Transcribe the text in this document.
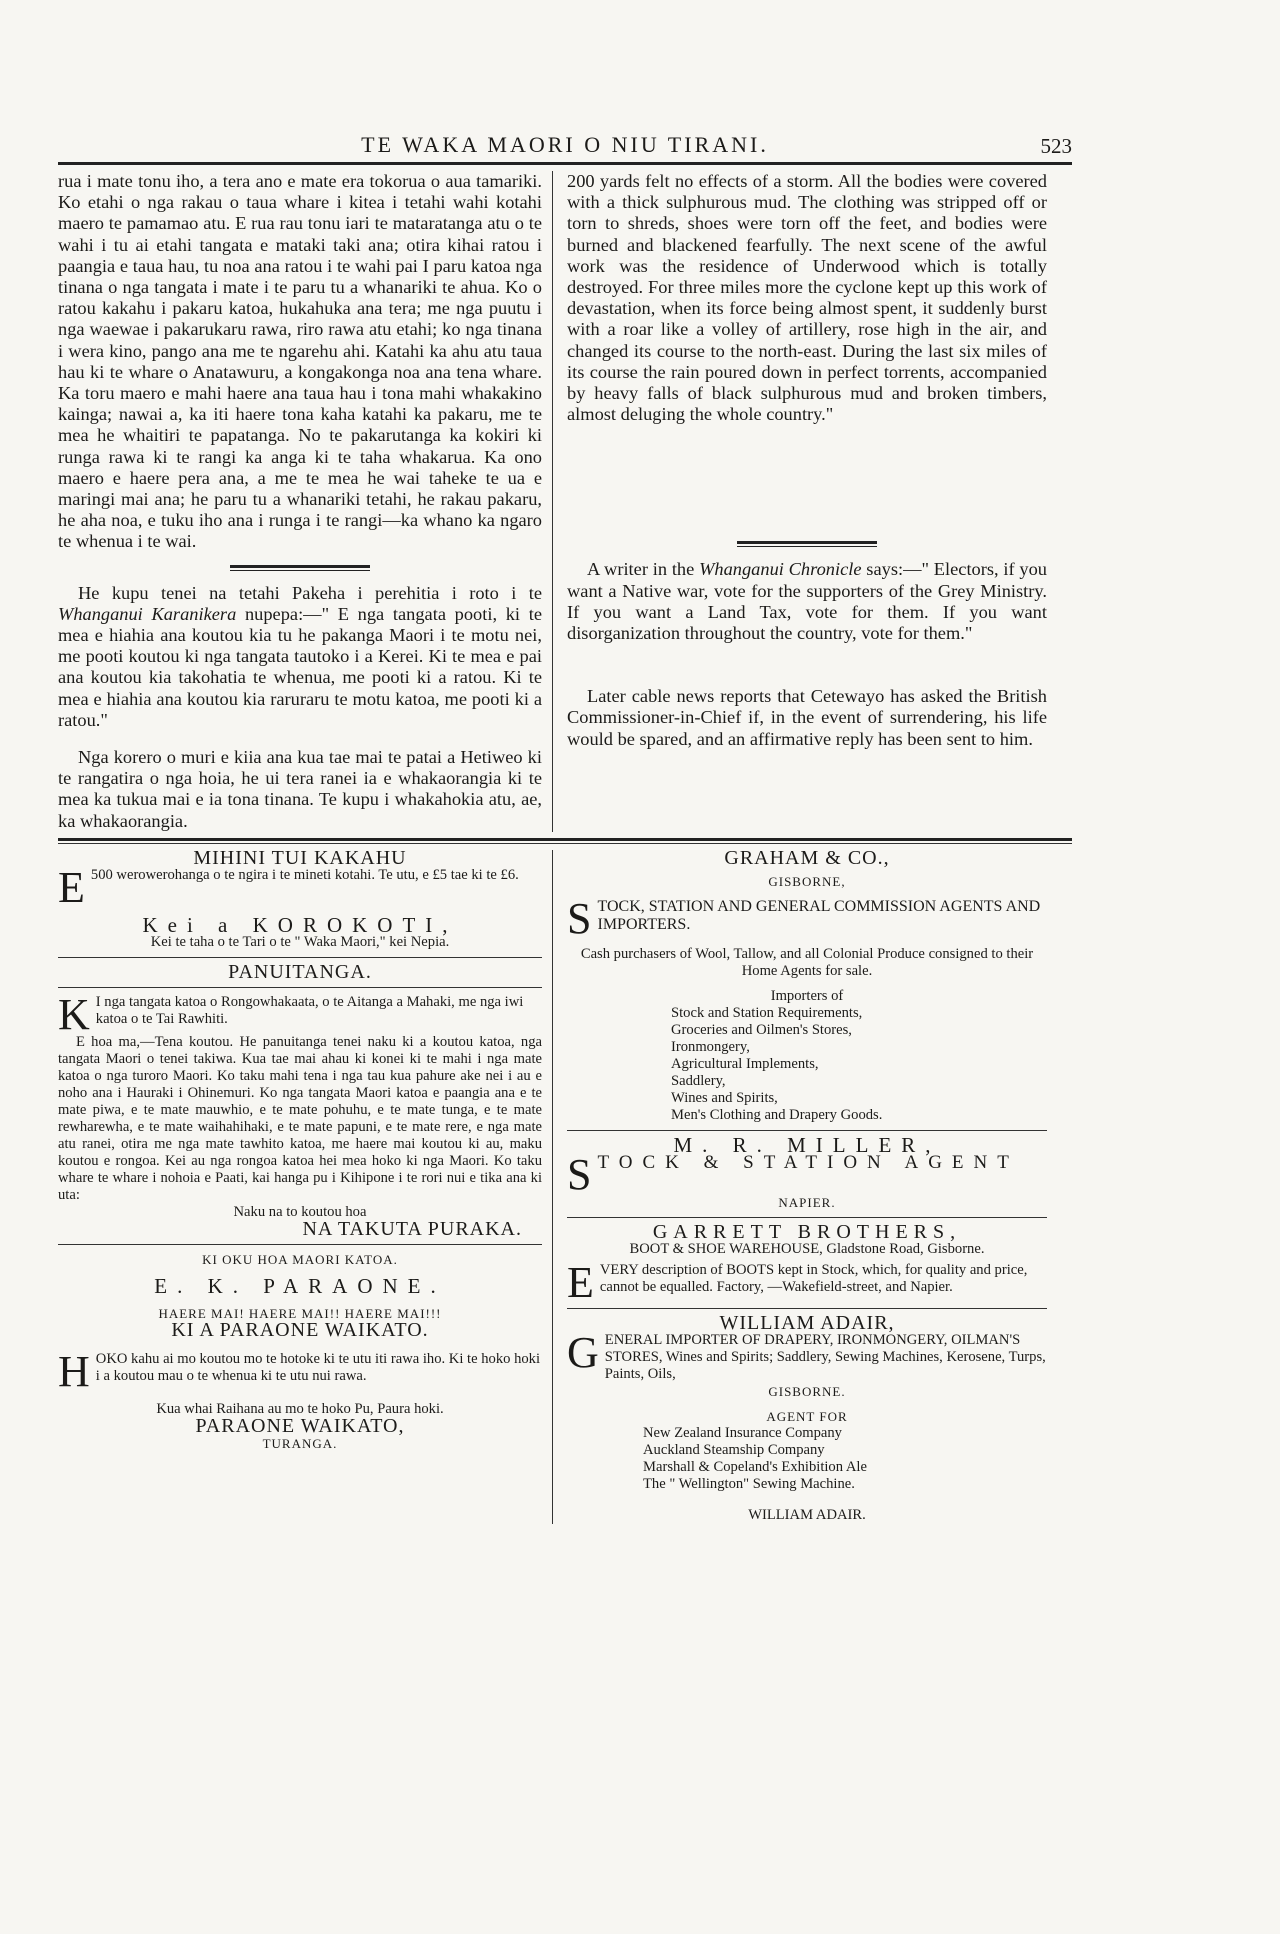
TE WAKA MAORI O NIU TIRANI.	523

rua i mate tonu iho, a tera ano e mate era tokorua o aua tamariki. Ko etahi o nga rakau o taua whare i kitea i tetahi wahi kotahi maero te pamamao atu. E rua rau tonu iari te mataratanga atu o te wahi i tu ai etahi tangata e mataki taki ana; otira kihai ratou i paangia e taua hau, tu noa ana ratou i te wahi pai I paru katoa nga tinana o nga tangata i mate i te paru tu a whanariki te ahua. Ko o ratou kakahu i pakaru katoa, hukahuka ana tera; me nga puutu i nga waewae i pakarukaru rawa, riro rawa atu etahi; ko nga tinana i wera kino, pango ana me te ngarehu ahi. Katahi ka ahu atu taua hau ki te whare o Anatawuru, a kongakonga noa ana tena whare. Ka toru maero e mahi haere ana taua hau i tona mahi whakakino kainga; nawai a, ka iti haere tona kaha katahi ka pakaru, me te mea he whaitiri te papatanga. No te pakarutanga ka kokiri ki runga rawa ki te rangi ka anga ki te taha whakarua. Ka ono maero e haere pera ana, a me te mea he wai taheke te ua e maringi mai ana; he paru tu a whanariki tetahi, he rakau pakaru, he aha noa, e tuku iho ana i runga i te rangi—ka whano ka ngaro te whenua i te wai.

He kupu tenei na tetahi Pakeha i perehitia i roto i te Whanganui Karanikera nupepa:—" E nga tangata pooti, ki te mea e hiahia ana koutou kia tu he pakanga Maori i te motu nei, me pooti koutou ki nga tangata tautoko i a Kerei. Ki te mea e pai ana koutou kia takohatia te whenua, me pooti ki a ratou. Ki te mea e hiahia ana koutou kia raruraru te motu katoa, me pooti ki a ratou."

Nga korero o muri e kiia ana kua tae mai te patai a Hetiweo ki te rangatira o nga hoia, he ui tera ranei ia e whakaorangia ki te mea ka tukua mai e ia tona tinana. Te kupu i whakahokia atu, ae, ka whakaorangia.

200 yards felt no effects of a storm. All the bodies were covered with a thick sulphurous mud. The clothing was stripped off or torn to shreds, shoes were torn off the feet, and bodies were burned and blackened fearfully. The next scene of the awful work was the residence of Underwood which is totally destroyed. For three miles more the cyclone kept up this work of devastation, when its force being almost spent, it suddenly burst with a roar like a volley of artillery, rose high in the air, and changed its course to the north-east. During the last six miles of its course the rain poured down in perfect torrents, accompanied by heavy falls of black sulphurous mud and broken timbers, almost deluging the whole country."

A writer in the Whanganui Chronicle says:—" Electors, if you want a Native war, vote for the supporters of the Grey Ministry. If you want a Land Tax, vote for them. If you want disorganization throughout the country, vote for them."

Later cable news reports that Cetewayo has asked the British Commissioner-in-Chief if, in the event of surrendering, his life would be spared, and an affirmative reply has been sent to him.

MIHINI TUI KAKAHU
E 500 werowerohanga o te ngira i te mineti kotahi. Te utu, e £5 tae ki te £6.
Kei a KOROKOTI,
Kei te taha o te Tari o te " Waka Maori," kei Nepia.
PANUITANGA.
K I nga tangata katoa o Rongowhakaata, o te Aitanga a Mahaki, me nga iwi katoa o te Tai Rawhiti.
E hoa ma,—Tena koutou. He panuitanga tenei naku ki a koutou katoa, nga tangata Maori o tenei takiwa. Kua tae mai ahau ki konei ki te mahi i nga mate katoa o nga turoro Maori. Ko taku mahi tena i nga tau kua pahure ake nei i au e noho ana i Hauraki i Ohinemuri. Ko nga tangata Maori katoa e paangia ana e te mate piwa, e te mate mauwhio, e te mate pohuhu, e te mate tunga, e te mate rewharewha, e te mate waihahihaki, e te mate papuni, e te mate rere, e nga mate atu ranei, otira me nga mate tawhito katoa, me haere mai koutou ki au, maku koutou e rongoa. Kei au nga rongoa katoa hei mea hoko ki nga Maori. Ko taku whare te whare i nohoia e Paati, kai hanga pu i Kihipone i te rori nui e tika ana ki uta:
Naku na to koutou hoa
NA TAKUTA PURAKA.
KI OKU HOA MAORI KATOA.
E. K. PARAONE.
HAERE MAI! HAERE MAI!! HAERE MAI!!!
KI A PARAONE WAIKATO.
HOKO kahu ai mo koutou mo te hotoke ki te utu iti rawa iho. Ki te hoko hoki i a koutou mau o te whenua ki te utu nui rawa.
Kua whai Raihana au mo te hoko Pu, Paura hoki.
PARAONE WAIKATO,
TURANGA.
GRAHAM & CO.,
GISBORNE,
STOCK, STATION AND GENERAL COMMISSION AGENTS AND IMPORTERS.
Cash purchasers of Wool, Tallow, and all Colonial Produce consigned to their Home Agents for sale.
Importers of
Stock and Station Requirements,
Groceries and Oilmen's Stores,
Ironmongery,
Agricultural Implements,
Saddlery,
Wines and Spirits,
Men's Clothing and Drapery Goods.
M. R. MILLER,
STOCK & STATION AGENT
NAPIER.
GARRETT BROTHERS,
BOOT & SHOE WAREHOUSE, Gladstone Road, Gisborne.
EVERY description of BOOTS kept in Stock, which, for quality and price, cannot be equalled. Factory, —Wakefield-street, and Napier.
WILLIAM ADAIR,
GENERAL IMPORTER OF DRAPERY, IRONMONGERY, OILMAN'S STORES, Wines and Spirits; Saddlery, Sewing Machines, Kerosene, Turps, Paints, Oils,
GISBORNE.
AGENT FOR
New Zealand Insurance Company
Auckland Steamship Company
Marshall & Copeland's Exhibition Ale
The " Wellington" Sewing Machine.
WILLIAM ADAIR.
